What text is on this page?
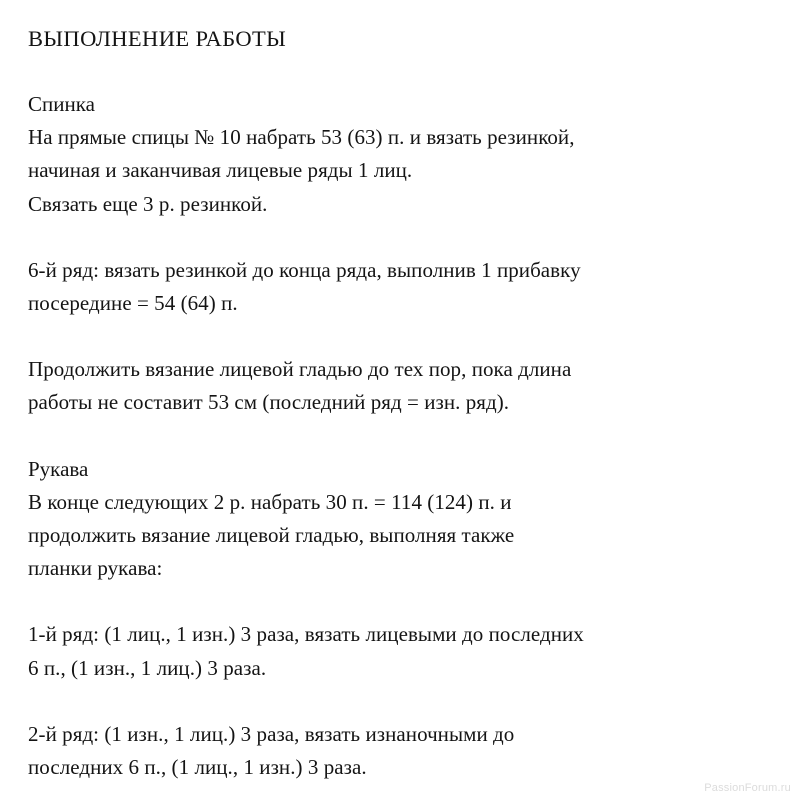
ВЫПОЛНЕНИЕ РАБОТЫ
Спинка
На прямые спицы № 10 набрать 53 (63) п. и вязать резинкой,
начиная и заканчивая лицевые ряды 1 лиц.
Связать еще 3 р. резинкой.
6-й ряд: вязать резинкой до конца ряда, выполнив 1 прибавку
посередине = 54 (64) п.
Продолжить вязание лицевой гладью до тех пор, пока длина
работы не составит 53 см (последний ряд = изн. ряд).
Рукава
В конце следующих 2 р. набрать 30 п. = 114 (124) п. и
продолжить вязание лицевой гладью, выполняя также
планки рукава:
1-й ряд: (1 лиц., 1 изн.) 3 раза, вязать лицевыми до последних
6 п., (1 изн., 1 лиц.) 3 раза.
2-й ряд: (1 изн., 1 лиц.) 3 раза, вязать изнаночными до
последних 6 п., (1 лиц., 1 изн.) 3 раза.
PassionForum.ru
